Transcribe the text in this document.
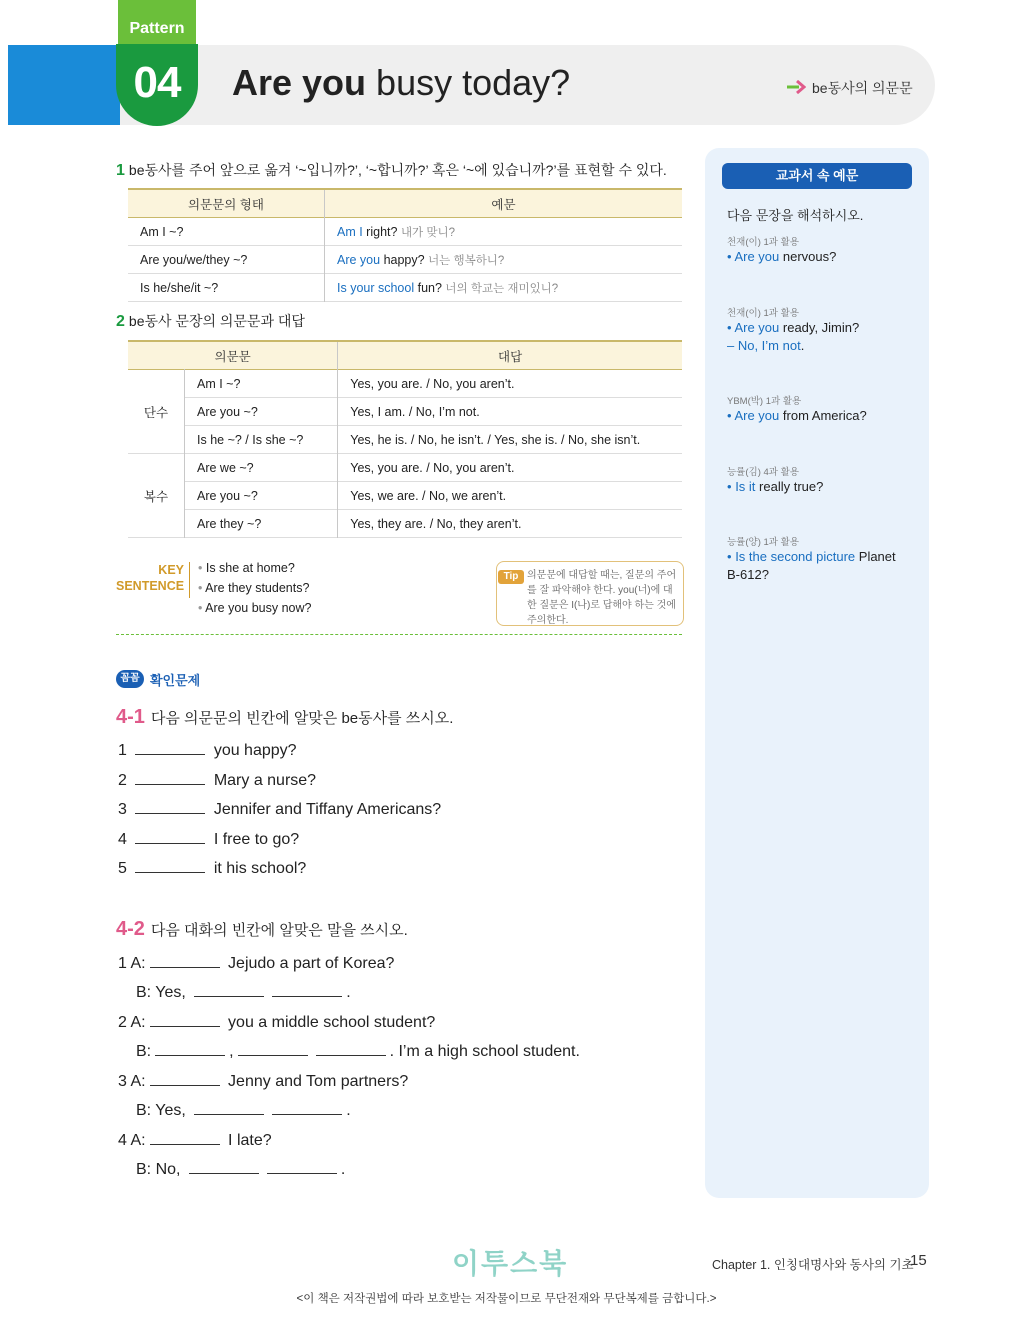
Pattern
04	Are you busy today?	be동사의 의문문
1 be동사를 주어 앞으로 옮겨 ‘~입니까?’, ‘~합니까?’ 혹은 ‘~에 있습니까?’를 표현할 수 있다.
의문문의 형태	예문
Am I ~?	Am I right? 내가 맞니?
Are you/we/they ~?	Are you happy? 너는 행복하니?
Is he/she/it ~?	Is your school fun? 너의 학교는 재미있니?
2 be동사 문장의 의문문과 대답
의문문		대답
단수	Am I ~?	Yes, you are. / No, you aren’t.
	Are you ~?	Yes, I am. / No, I’m not.
	Is he ~? / Is she ~?	Yes, he is. / No, he isn’t. / Yes, she is. / No, she isn’t.
복수	Are we ~?	Yes, you are. / No, you aren’t.
	Are you ~?	Yes, we are. / No, we aren’t.
	Are they ~?	Yes, they are. / No, they aren’t.
KEY
SENTENCE
• Is she at home?
• Are they students?
• Are you busy now?
Tip 의문문에 대답할 때는, 질문의 주어를 잘 파악해야 한다. you(너)에 대한 질문은 I(나)로 답해야 하는 것에 주의한다.
꼼꼼 확인문제
4-1 다음 의문문의 빈칸에 알맞은 be동사를 쓰시오.
1	you happy?
2	Mary a nurse?
3	Jennifer and Tiffany Americans?
4	I free to go?
5	it his school?
4-2 다음 대화의 빈칸에 알맞은 말을 쓰시오.
1 A:	Jejudo a part of Korea?
B: Yes,	.
2 A:	you a middle school student?
B:	,	. I’m a high school student.
3 A:	Jenny and Tom partners?
B: Yes,	.
4 A:	I late?
B: No,	.
교과서 속 예문
다음 문장을 해석하시오.
천재(이) 1과 활용
• Are you nervous?
천재(이) 1과 활용
• Are you ready, Jimin?
– No, I’m not.
YBM(박) 1과 활용
• Are you from America?
능률(김) 4과 활용
• Is it really true?
능률(양) 1과 활용
• Is the second picture Planet
B-612?
이투스북	Chapter 1. 인칭대명사와 동사의 기초
15
<이 책은 저작권법에 따라 보호받는 저작물이므로 무단전재와 무단복제를 금합니다.>
